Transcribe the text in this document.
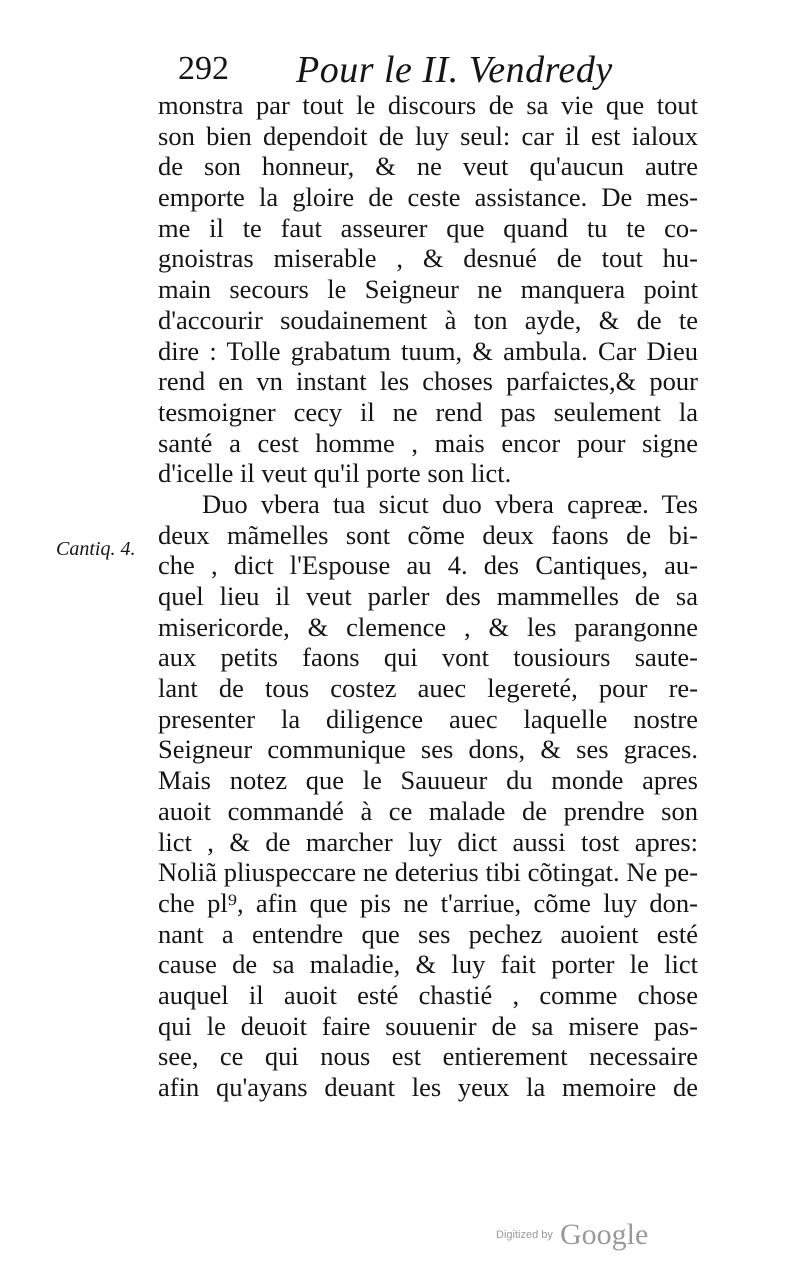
292 Pour le II. Vendredy
Cantiq. 4.
monstra par tout le discours de sa vie que tout
son bien dependoit de luy seul: car il est ialoux
de son honneur, & ne veut qu'aucun autre
emporte la gloire de ceste assistance. De mes-
me il te faut asseurer que quand tu te co-
gnoistras miserable , & desnué de tout hu-
main secours le Seigneur ne manquera point
d'accourir soudainement à ton ayde, & de te
dire : Tolle grabatum tuum, & ambula. Car Dieu
rend en vn instant les choses parfaictes,& pour
tesmoigner cecy il ne rend pas seulement la
santé a cest homme , mais encor pour signe
d'icelle il veut qu'il porte son lict.
Duo vbera tua sicut duo vbera capreæ. Tes
deux mãmelles sont cõme deux faons de bi-
che , dict l'Espouse au 4. des Cantiques, au-
quel lieu il veut parler des mammelles de sa
misericorde, & clemence , & les parangonne
aux petits faons qui vont tousiours saute-
lant de tous costez auec legereté, pour re-
presenter la diligence auec laquelle nostre
Seigneur communique ses dons, & ses graces.
Mais notez que le Sauueur du monde apres
auoit commandé à ce malade de prendre son
lict , & de marcher luy dict aussi tost apres:
Noliã pliuspeccare ne deterius tibi cõtingat. Ne pe-
che pl⁹, afin que pis ne t'arriue, cõme luy don-
nant a entendre que ses pechez auoient esté
cause de sa maladie, & luy fait porter le lict
auquel il auoit esté chastié , comme chose
qui le deuoit faire souuenir de sa misere pas-
see, ce qui nous est entierement necessaire
afin qu'ayans deuant les yeux la memoire de
Digitized by Google
